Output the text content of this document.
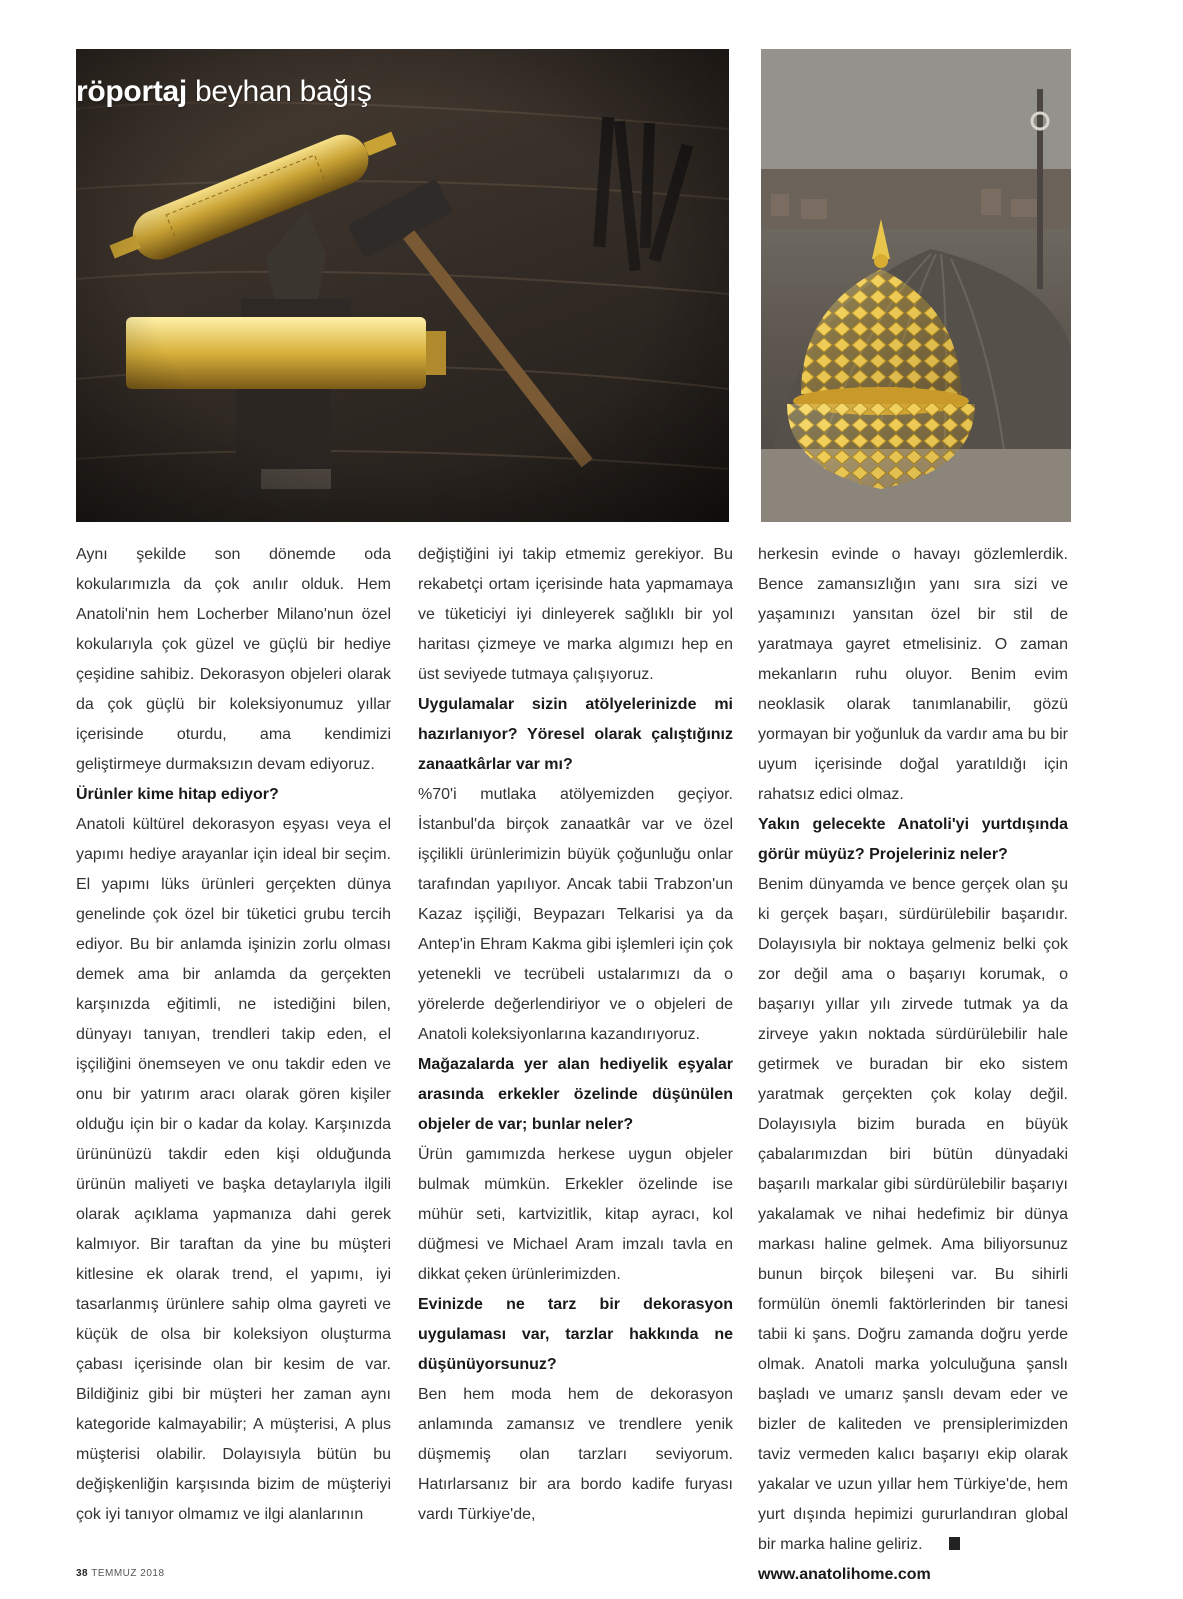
röportaj beyhan bağış

Aynı şekilde son dönemde oda kokularımızla da çok anılır olduk. Hem Anatoli'nin hem Locherber Milano'nun özel kokularıyla çok güzel ve güçlü bir hediye çeşidine sahibiz. Dekorasyon objeleri olarak da çok güçlü bir koleksiyonumuz yıllar içerisinde oturdu, ama kendimizi geliştirmeye durmaksızın devam ediyoruz.

Ürünler kime hitap ediyor?

Anatoli kültürel dekorasyon eşyası veya el yapımı hediye arayanlar için ideal bir seçim. El yapımı lüks ürünleri gerçekten dünya genelinde çok özel bir tüketici grubu tercih ediyor. Bu bir anlamda işinizin zorlu olması demek ama bir anlamda da gerçekten karşınızda eğitimli, ne istediğini bilen, dünyayı tanıyan, trendleri takip eden, el işçiliğini önemseyen ve onu takdir eden ve onu bir yatırım aracı olarak gören kişiler olduğu için bir o kadar da kolay. Karşınızda ürününüzü takdir eden kişi olduğunda ürünün maliyeti ve başka detaylarıyla ilgili olarak açıklama yapmanıza dahi gerek kalmıyor. Bir taraftan da yine bu müşteri kitlesine ek olarak trend, el yapımı, iyi tasarlanmış ürünlere sahip olma gayreti ve küçük de olsa bir koleksiyon oluşturma çabası içerisinde olan bir kesim de var. Bildiğiniz gibi bir müşteri her zaman aynı kategoride kalmayabilir; A müşterisi, A plus müşterisi olabilir. Dolayısıyla bütün bu değişkenliğin karşısında bizim de müşteriyi çok iyi tanıyor olmamız ve ilgi alanlarının

değiştiğini iyi takip etmemiz gerekiyor. Bu rekabetçi ortam içerisinde hata yapmamaya ve tüketiciyi iyi dinleyerek sağlıklı bir yol haritası çizmeye ve marka algımızı hep en üst seviyede tutmaya çalışıyoruz.

Uygulamalar sizin atölyelerinizde mi hazırlanıyor? Yöresel olarak çalıştığınız zanaatkârlar var mı?

%70'i mutlaka atölyemizden geçiyor. İstanbul'da birçok zanaatkâr var ve özel işçilikli ürünlerimizin büyük çoğunluğu onlar tarafından yapılıyor. Ancak tabii Trabzon'un Kazaz işçiliği, Beypazarı Telkarisi ya da Antep'in Ehram Kakma gibi işlemleri için çok yetenekli ve tecrübeli ustalarımızı da o yörelerde değerlendiriyor ve o objeleri de Anatoli koleksiyonlarına kazandırıyoruz.

Mağazalarda yer alan hediyelik eşyalar arasında erkekler özelinde düşünülen objeler de var; bunlar neler?

Ürün gamımızda herkese uygun objeler bulmak mümkün. Erkekler özelinde ise mühür seti, kartvizitlik, kitap ayracı, kol düğmesi ve Michael Aram imzalı tavla en dikkat çeken ürünlerimizden.

Evinizde ne tarz bir dekorasyon uygulaması var, tarzlar hakkında ne düşünüyorsunuz?

Ben hem moda hem de dekorasyon anlamında zamansız ve trendlere yenik düşmemiş olan tarzları seviyorum. Hatırlarsanız bir ara bordo kadife furyası vardı Türkiye'de,

herkesin evinde o havayı gözlemlerdik. Bence zamansızlığın yanı sıra sizi ve yaşamınızı yansıtan özel bir stil de yaratmaya gayret etmelisiniz. O zaman mekanların ruhu oluyor. Benim evim neoklasik olarak tanımlanabilir, gözü yormayan bir yoğunluk da vardır ama bu bir uyum içerisinde doğal yaratıldığı için rahatsız edici olmaz.

Yakın gelecekte Anatoli'yi yurtdışında görür müyüz? Projeleriniz neler?

Benim dünyamda ve bence gerçek olan şu ki gerçek başarı, sürdürülebilir başarıdır. Dolayısıyla bir noktaya gelmeniz belki çok zor değil ama o başarıyı korumak, o başarıyı yıllar yılı zirvede tutmak ya da zirveye yakın noktada sürdürülebilir hale getirmek ve buradan bir eko sistem yaratmak gerçekten çok kolay değil. Dolayısıyla bizim burada en büyük çabalarımızdan biri bütün dünyadaki başarılı markalar gibi sürdürülebilir başarıyı yakalamak ve nihai hedefimiz bir dünya markası haline gelmek. Ama biliyorsunuz bunun birçok bileşeni var. Bu sihirli formülün önemli faktörlerinden bir tanesi tabii ki şans. Doğru zamanda doğru yerde olmak. Anatoli marka yolculuğuna şanslı başladı ve umarız şanslı devam eder ve bizler de kaliteden ve prensiplerimizden taviz vermeden kalıcı başarıyı ekip olarak yakalar ve uzun yıllar hem Türkiye'de, hem yurt dışında hepimizi gururlandıran global bir marka haline geliriz.

www.anatolihome.com

38 TEMMUZ 2018
